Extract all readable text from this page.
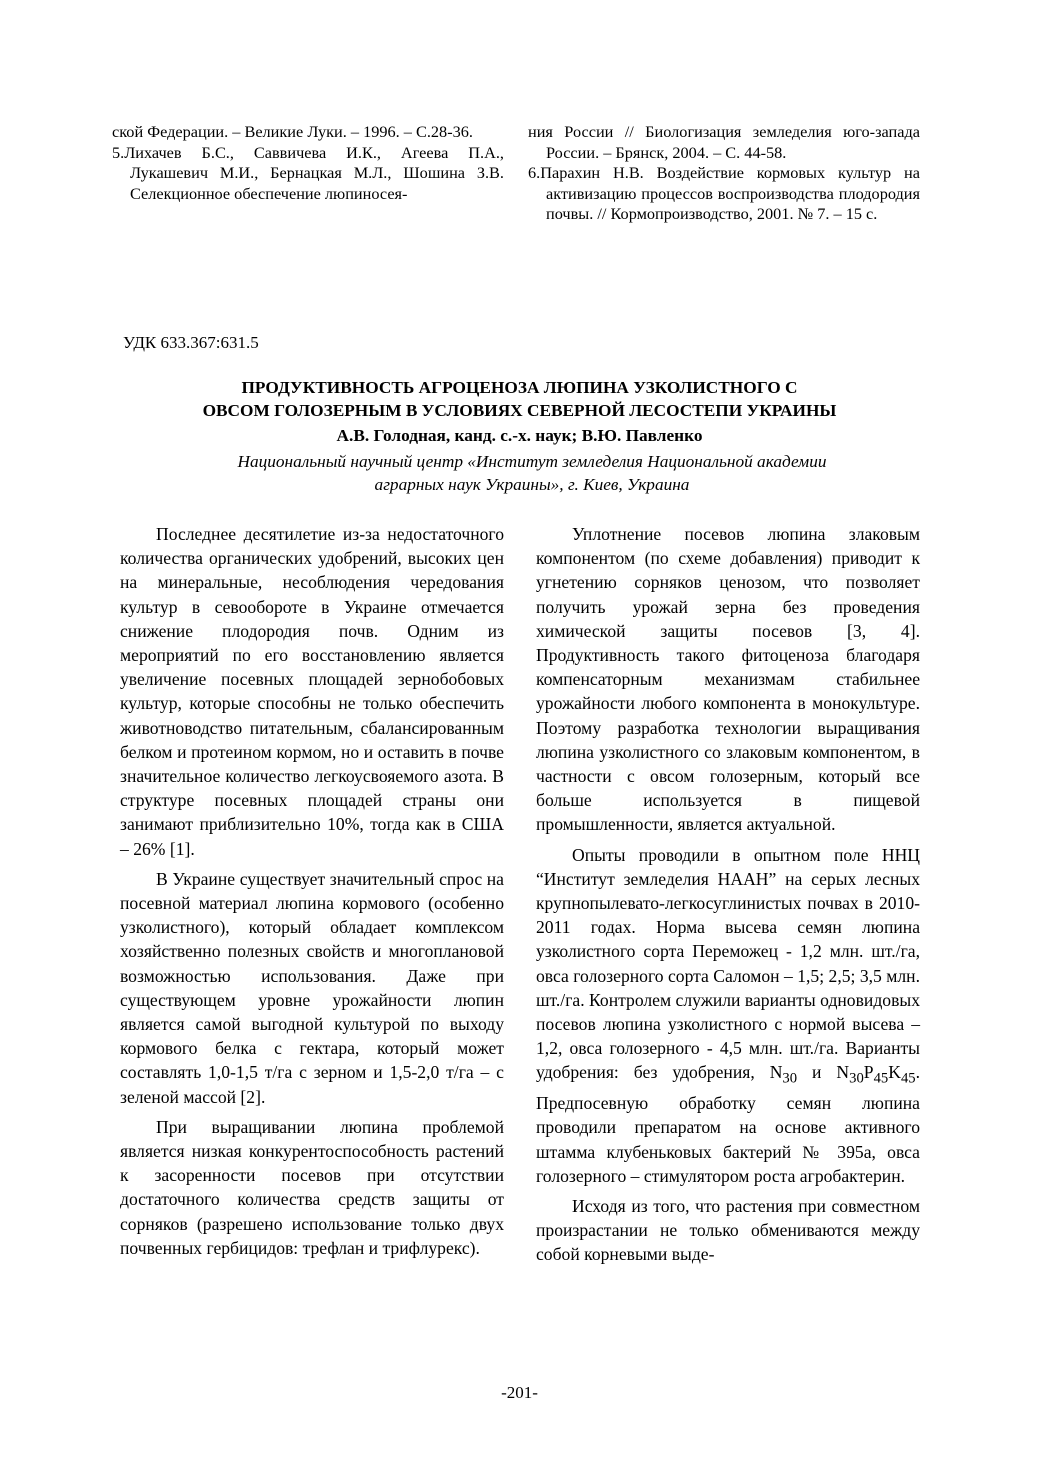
ской Федерации. – Великие Луки. – 1996. – С.28-36.

5.Лихачев Б.С., Саввичева И.К., Агеева П.А., Лукашевич М.И., Бернацкая М.Л., Шошина З.В. Селекционное обеспечение люпиносея-

ния России // Биологизация земледелия юго-запада России. – Брянск, 2004. – С. 44-58.

6.Парахин Н.В. Воздействие кормовых культур на активизацию процессов воспроизводства плодородия почвы. // Кормопроизводство, 2001. № 7. – 15 с.

УДК 633.367:631.5

ПРОДУКТИВНОСТЬ АГРОЦЕНОЗА ЛЮПИНА УЗКОЛИСТНОГО С

ОВСОМ ГОЛОЗЕРНЫМ В УСЛОВИЯХ СЕВЕРНОЙ ЛЕСОСТЕПИ УКРАИНЫ

А.В. Голодная, канд. с.-х. наук; В.Ю. Павленко
Национальный научный центр «Институт земледелия Национальной академии
аграрных наук Украины», г. Киев, Украина

Последнее десятилетие из-за недостаточного количества органических удобрений, высоких цен на минеральные, несоблюдения чередования культур в севообороте в Украине отмечается снижение плодородия почв. Одним из мероприятий по его восстановлению является увеличение посевных площадей зернобобовых культур, которые способны не только обеспечить животноводство питательным, сбалансированным белком и протеином кормом, но и оставить в почве значительное количество легкоусвояемого азота. В структуре посевных площадей страны они занимают приблизительно 10%, тогда как в США – 26% [1].

В Украине существует значительный спрос на посевной материал люпина кормового (особенно узколистного), который обладает комплексом хозяйственно полезных свойств и многоплановой возможностью использования. Даже при существующем уровне урожайности люпин является самой выгодной культурой по выходу кормового белка с гектара, который может составлять 1,0-1,5 т/га с зерном и 1,5-2,0 т/га – с зеленой массой [2].

При выращивании люпина проблемой является низкая конкурентоспособность растений к засоренности посевов при отсутствии достаточного количества средств защиты от сорняков (разрешено использование только двух почвенных гербицидов: трефлан и трифлурекс).

Уплотнение посевов люпина злаковым компонентом (по схеме добавления) приводит к угнетению сорняков ценозом, что позволяет получить урожай зерна без проведения химической защиты посевов [3, 4]. Продуктивность такого фитоценоза благодаря компенсаторным механизмам стабильнее урожайности любого компонента в монокультуре. Поэтому разработка технологии выращивания люпина узколистного со злаковым компонентом, в частности с овсом голозерным, который все больше используется в пищевой промышленности, является актуальной.

Опыты проводили в опытном поле ННЦ “Институт земледелия НААН” на серых лесных крупнопылевато-легкосуглинистых почвах в 2010-2011 годах. Норма высева семян люпина узколистного сорта Переможец - 1,2 млн. шт./га, овса голозерного сорта Саломон – 1,5; 2,5; 3,5 млн. шт./га. Контролем служили варианты одновидовых посевов люпина узколистного с нормой высева – 1,2, овса голозерного - 4,5 млн. шт./га. Варианты удобрения: без удобрения, $N_{30}$ и $N_{30}P_{45}K_{45}$. Предпосевную обработку семян люпина проводили препаратом на основе активного штамма клубеньковых бактерий № 395а, овса голозерного – стимулятором роста агробактерин.

Исходя из того, что растения при совместном произрастании не только обмениваются между собой корневыми выде-

-201-
